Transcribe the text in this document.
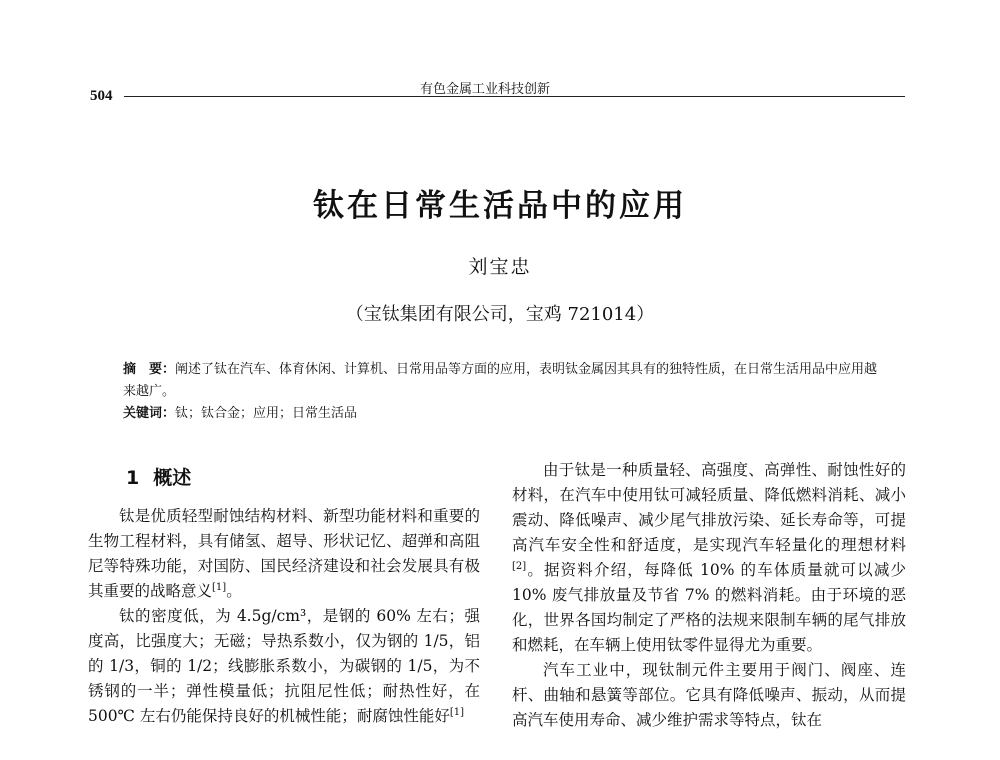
504	有色金属工业科技创新
钛在日常生活品中的应用
刘宝忠
（宝钛集团有限公司，宝鸡 721014）

摘　要：阐述了钛在汽车、体育休闲、计算机、日常用品等方面的应用，表明钛金属因其具有的独特性质，在日常生活用品中应用越来越广。

关键词：钛；钛合金；应用；日常生活品

1 概述

钛是优质轻型耐蚀结构材料、新型功能材料和重要的生物工程材料，具有储氢、超导、形状记忆、超弹和高阻尼等特殊功能，对国防、国民经济建设和社会发展具有极其重要的战略意义[1]。

钛的密度低，为 4.5g/cm³，是钢的 60% 左右；强度高，比强度大；无磁；导热系数小，仅为钢的 1/5，铝的 1/3，铜的 1/2；线膨胀系数小，为碳钢的 1/5，为不锈钢的一半；弹性模量低；抗阻尼性低；耐热性好，在 500℃ 左右仍能保持良好的机械性能；耐腐蚀性能好[1]

由于钛是一种质量轻、高强度、高弹性、耐蚀性好的材料，在汽车中使用钛可减轻质量、降低燃料消耗、减小震动、降低噪声、减少尾气排放污染、延长寿命等，可提高汽车安全性和舒适度，是实现汽车轻量化的理想材料[2]。据资料介绍，每降低 10% 的车体质量就可以减少 10% 废气排放量及节省 7% 的燃料消耗。由于环境的恶化，世界各国均制定了严格的法规来限制车辆的尾气排放和燃耗，在车辆上使用钛零件显得尤为重要。

汽车工业中，现钛制元件主要用于阀门、阀座、连杆、曲轴和悬簧等部位。它具有降低噪声、振动，从而提高汽车使用寿命、减少维护需求等特点，钛在
